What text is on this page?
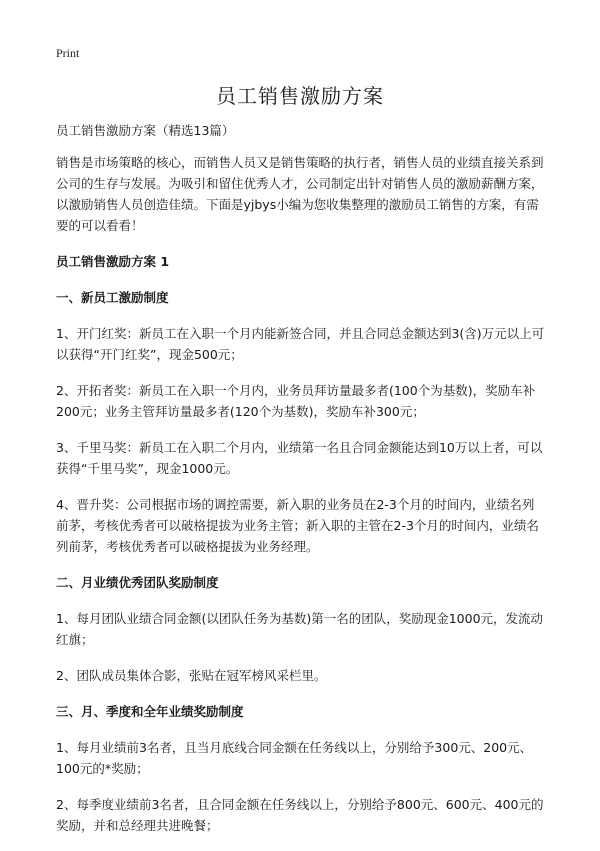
Print
员工销售激励方案

员工销售激励方案（精选13篇）

销售是市场策略的核心，而销售人员又是销售策略的执行者，销售人员的业绩直接关系到公司的生存与发展。为吸引和留住优秀人才，公司制定出针对销售人员的激励薪酬方案，以激励销售人员创造佳绩。下面是yjbys小编为您收集整理的激励员工销售的方案，有需要的可以看看！

员工销售激励方案 1

一、新员工激励制度

1、开门红奖：新员工在入职一个月内能新签合同，并且合同总金额达到3(含)万元以上可以获得“开门红奖”，现金500元；

2、开拓者奖：新员工在入职一个月内，业务员拜访量最多者(100个为基数)，奖励车补200元；业务主管拜访量最多者(120个为基数)，奖励车补300元；

3、千里马奖：新员工在入职二个月内，业绩第一名且合同金额能达到10万以上者，可以获得“千里马奖”，现金1000元。

4、晋升奖：公司根据市场的调控需要，新入职的业务员在2-3个月的时间内，业绩名列前茅，考核优秀者可以破格提拔为业务主管；新入职的主管在2-3个月的时间内，业绩名列前茅，考核优秀者可以破格提拔为业务经理。

二、月业绩优秀团队奖励制度

1、每月团队业绩合同金额(以团队任务为基数)第一名的团队，奖励现金1000元，发流动红旗；

2、团队成员集体合影，张贴在冠军榜风采栏里。

三、月、季度和全年业绩奖励制度

1、每月业绩前3名者，且当月底线合同金额在任务线以上，分别给予300元、200元、100元的*奖励；

2、每季度业绩前3名者，且合同金额在任务线以上，分别给予800元、600元、400元的奖励，并和总经理共进晚餐；
